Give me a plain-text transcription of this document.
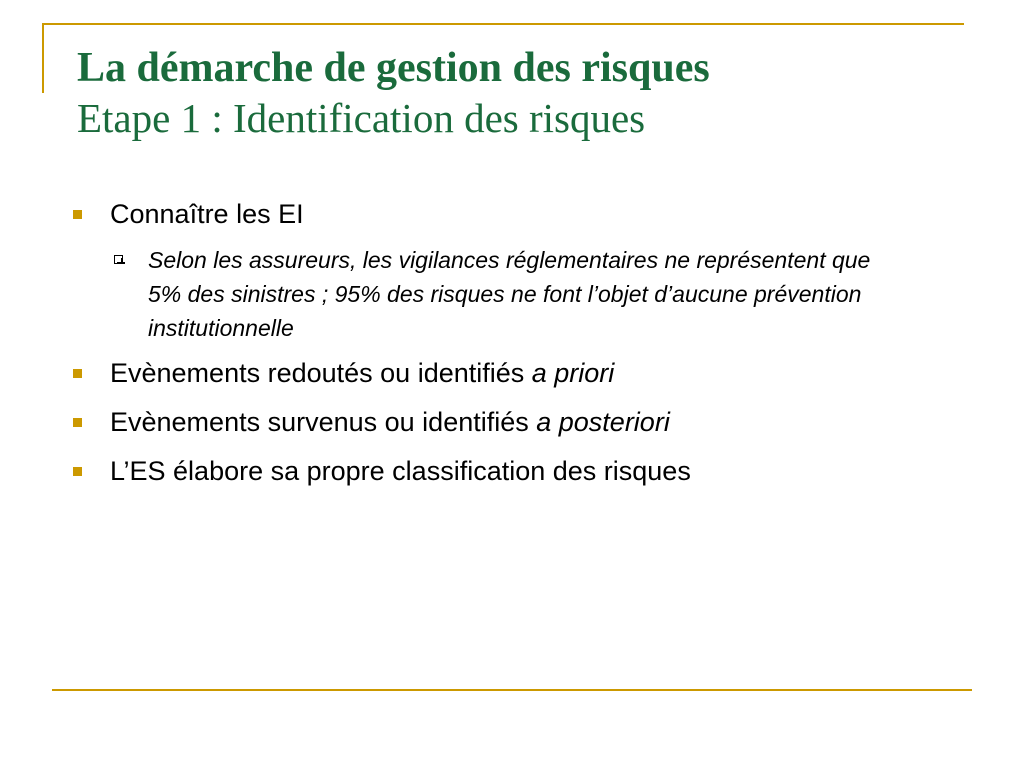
La démarche de gestion des risques
Etape 1 : Identification des risques
Connaître les EI
Selon les assureurs, les vigilances réglementaires ne représentent que 5% des sinistres ; 95% des risques ne font l’objet d’aucune prévention institutionnelle
Evènements redoutés ou identifiés a priori
Evènements survenus ou identifiés a posteriori
L’ES élabore sa propre classification des risques
